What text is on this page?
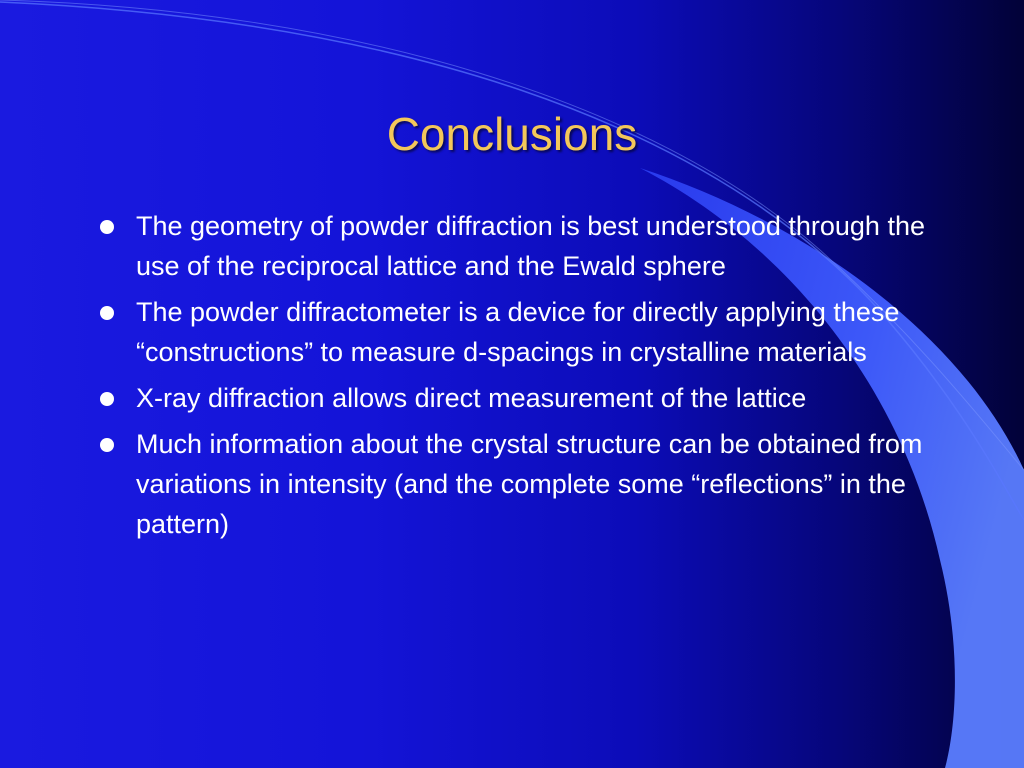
Conclusions
The geometry of powder diffraction is best understood through the use of the reciprocal lattice and the Ewald sphere
The powder diffractometer is a device for directly applying these “constructions” to measure d-spacings in crystalline materials
X-ray diffraction allows direct measurement of the lattice
Much information about the crystal structure can be obtained from variations in intensity (and the complete some “reflections” in the pattern)
